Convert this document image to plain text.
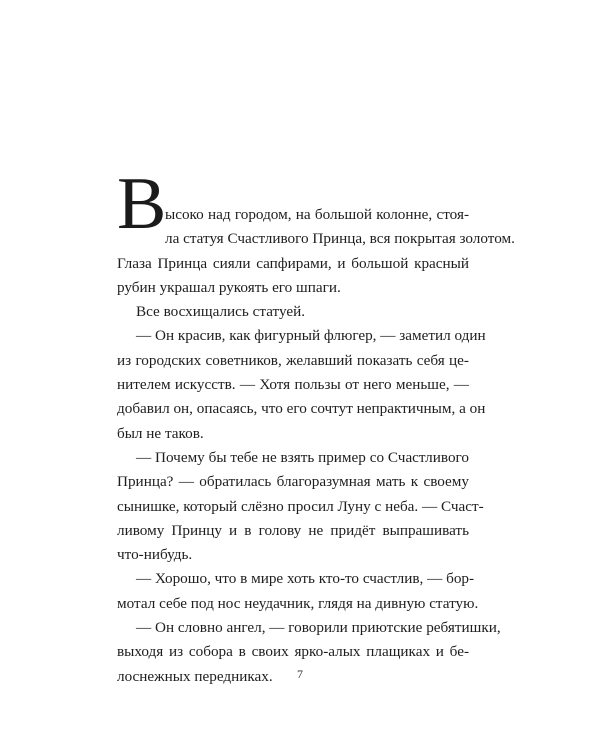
В
ысоко над городом, на большой колонне, стоя-
ла статуя Счастливого Принца, вся покрытая золотом.
Глаза Принца сияли сапфирами, и большой красный
рубин украшал рукоять его шпаги.
Все восхищались статуей.
— Он красив, как фигурный флюгер, — заметил один
из городских советников, желавший показать себя це-
нителем искусств. — Хотя пользы от него меньше, —
добавил он, опасаясь, что его сочтут непрактичным, а он
был не таков.
— Почему бы тебе не взять пример со Счастливого
Принца? — обратилась благоразумная мать к своему
сынишке, который слёзно просил Луну с неба. — Счаст-
ливому Принцу и в голову не придёт выпрашивать
что-нибудь.
— Хорошо, что в мире хоть кто-то счастлив, — бор-
мотал себе под нос неудачник, глядя на дивную статую.
— Он словно ангел, — говорили приютские ребятишки,
выходя из собора в своих ярко-алых плащиках и бе-
лоснежных передниках.	7
